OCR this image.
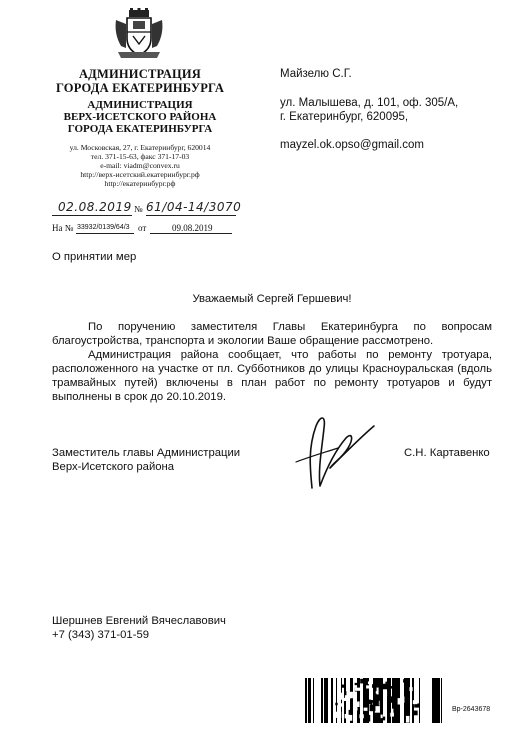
АДМИНИСТРАЦИЯ
ГОРОДА ЕКАТЕРИНБУРГА
АДМИНИСТРАЦИЯ
ВЕРХ-ИСЕТСКОГО РАЙОНА
ГОРОДА ЕКАТЕРИНБУРГА
ул. Московская, 27, г. Екатеринбург, 620014
тел. 371-15-63, факс 371-17-03
e-mail: viadm@convex.ru
http://верх-исетский.екатеринбург.рф
http://екатеринбург.рф
02.08.2019 № 61/04-14/3070
На № 33932/0139/64/3 от	09.08.2019
Майзелю С.Г.
ул. Малышева, д. 101, оф. 305/А,
г. Екатеринбург, 620095,
mayzel.ok.opso@gmail.com
О принятии мер
Уважаемый Сергей Гершевич!

По поручению заместителя Главы Екатеринбурга по вопросам благоустройства, транспорта и экологии Ваше обращение рассмотрено.

Администрация района сообщает, что работы по ремонту тротуара, расположенного на участке от пл. Субботников до улицы Красноуральская (вдоль трамвайных путей) включены в план работ по ремонту тротуаров и будут выполнены в срок до 20.10.2019.

Заместитель главы Администрации
Верх-Исетского района
С.Н. Картавенко
Шершнев Евгений Вячеславович
+7 (343) 371-01-59
Вр-2643678
